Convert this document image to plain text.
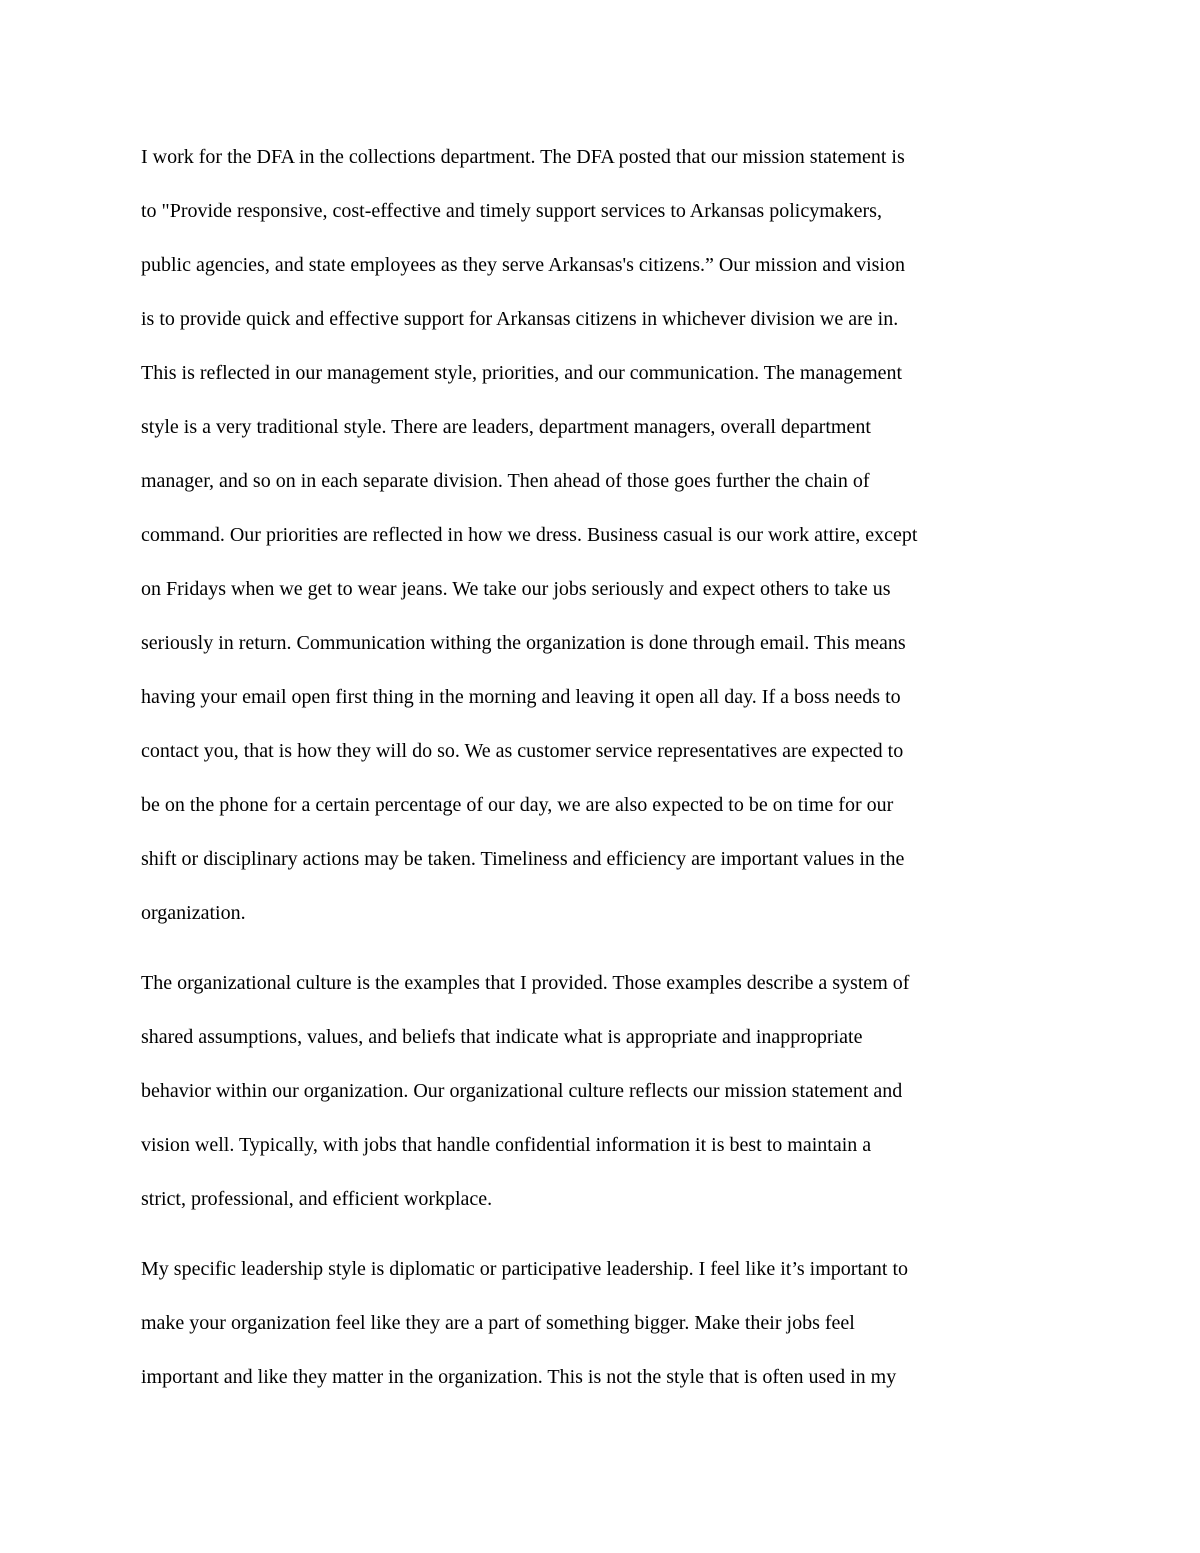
I work for the DFA in the collections department. The DFA posted that our mission statement is

to "Provide responsive, cost-effective and timely support services to Arkansas policymakers,

public agencies, and state employees as they serve Arkansas's citizens.” Our mission and vision

is to provide quick and effective support for Arkansas citizens in whichever division we are in.

This is reflected in our management style, priorities, and our communication. The management

style is a very traditional style. There are leaders, department managers, overall department

manager, and so on in each separate division. Then ahead of those goes further the chain of

command. Our priorities are reflected in how we dress. Business casual is our work attire, except

on Fridays when we get to wear jeans. We take our jobs seriously and expect others to take us

seriously in return. Communication withing the organization is done through email. This means

having your email open first thing in the morning and leaving it open all day. If a boss needs to

contact you, that is how they will do so. We as customer service representatives are expected to

be on the phone for a certain percentage of our day, we are also expected to be on time for our

shift or disciplinary actions may be taken. Timeliness and efficiency are important values in the

organization.

The organizational culture is the examples that I provided. Those examples describe a system of

shared assumptions, values, and beliefs that indicate what is appropriate and inappropriate

behavior within our organization. Our organizational culture reflects our mission statement and

vision well. Typically, with jobs that handle confidential information it is best to maintain a

strict, professional, and efficient workplace.

My specific leadership style is diplomatic or participative leadership. I feel like it’s important to

make your organization feel like they are a part of something bigger. Make their jobs feel

important and like they matter in the organization. This is not the style that is often used in my
